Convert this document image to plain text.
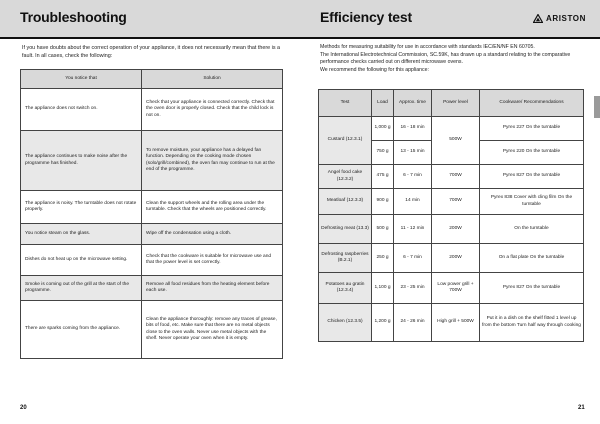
Troubleshooting

If you have doubts about the correct operation of your appliance, it does not necessarily mean that there is a fault. In all cases, check the following:

You notice that	Solution
The appliance does not switch on.	Check that your appliance is connected correctly. Check that the oven door is properly closed. Check that the child lock is not on.
The appliance continues to make noise after the programme has finished.	To remove moisture, your appliance has a delayed fan function. Depending on the cooking mode chosen (solo/grill/combined), the oven fan may continue to run at the end of the programme.
The appliance is noisy. The turntable does not rotate properly.	Clean the support wheels and the rolling area under the turntable. Check that the wheels are positioned correctly.
You notice steam on the glass.	Wipe off the condensation using a cloth.
Dishes do not heat up on the microwave setting.	Check that the cookware is suitable for microwave use and that the power level is set correctly.
Smoke is coming out of the grill at the start of the programme.	Remove all food residues from the heating element before each use.
There are sparks coming from the appliance.	Clean the appliance thoroughly: remove any traces of grease, bits of food, etc. Make sure that there are no metal objects close to the oven walls. Never use metal objects with the shelf. Never operate your oven when it is empty.
20
Efficiency test	ARISTON
Methods for measuring suitability for use in accordance with standards IEC/EN/NF EN 60705.
The International Electrotechnical Commission, SC.59K, has drawn up a standard relating to the comparative performance checks carried out on different microwave ovens.
We recommend the following for this appliance:
21
Test	Load	Approx. time	Power level	Cookware/ Recommendations
Custard (12.3.1)	1,000 g	16 - 18 min	500W	Pyrex 227 On the turntable
	750 g	13 - 15 min		Pyrex 220 On the turntable
Angel food cake (12.3.2)	475 g	6 - 7 min	700W	Pyrex 827 On the turntable
Meatloaf (12.3.3)	900 g	14 min	700W	Pyrex 838 Cover with cling film On the turntable
Defrosting meat (13.3)	500 g	11 - 12 min	200W	On the turntable
Defrosting raspberries (B.2.1)	250 g	6 - 7 min	200W	On a flat plate On the turntable
Potatoes au gratin (12.3.4)	1,100 g	23 - 25 min	Low power grill + 700W	Pyrex 827 On the turntable
Chicken (12.3.5)	1,200 g	24 - 26 min	High grill + 500W	Put it in a dish on the shelf fitted 1 level up from the bottom Turn half way through cooking
